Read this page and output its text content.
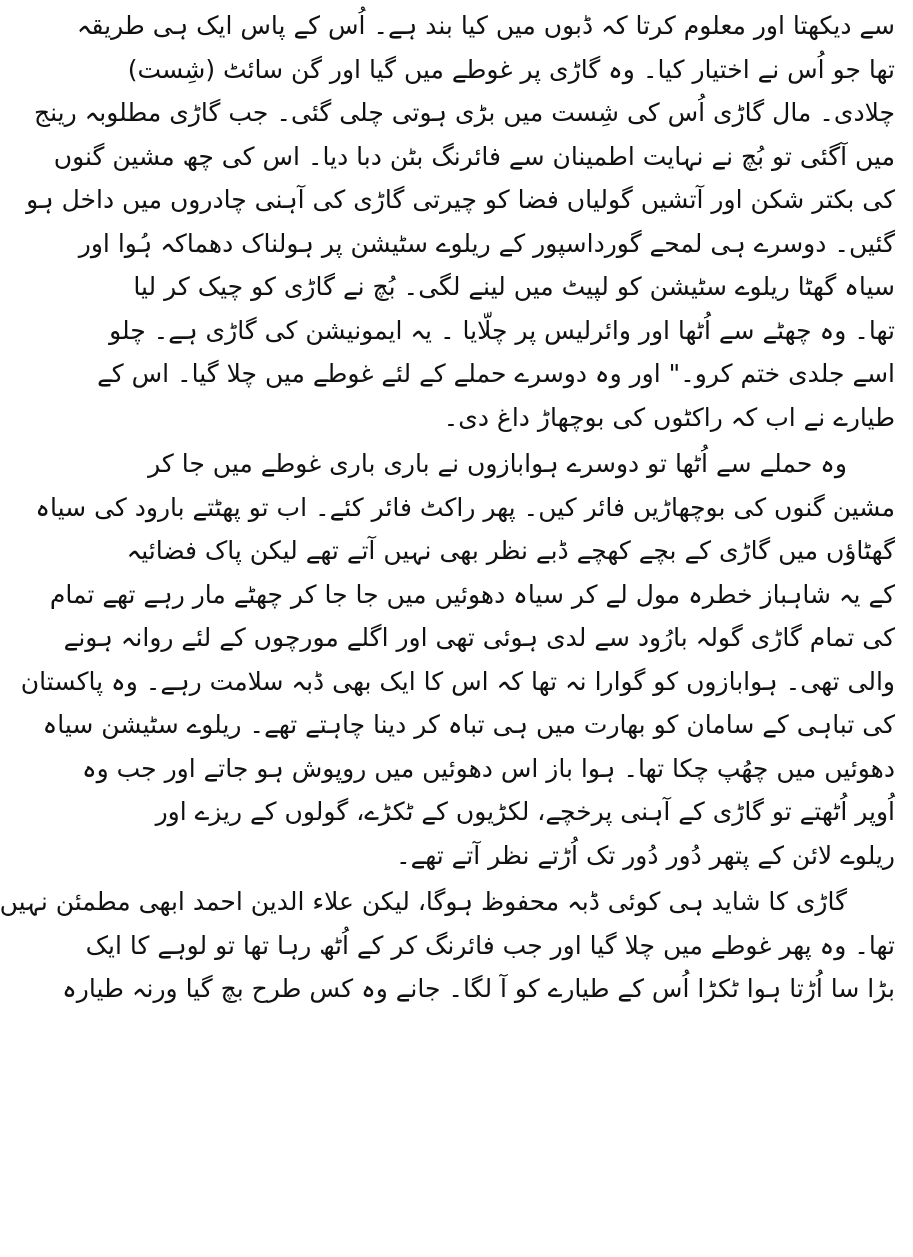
سے دیکھتا اور معلوم کرتا کہ ڈبوں میں کیا بند ہے۔ اُس کے پاس ایک ہی طریقہ
تھا جو اُس نے اختیار کیا۔ وہ گاڑی پر غوطے میں گیا اور گن سائٹ (شِست)
چلادی۔ مال گاڑی اُس کی شِست میں بڑی ہوتی چلی گئی۔ جب گاڑی مطلوبہ رینج
میں آگئی تو بُچ نے نہایت اطمینان سے فائرنگ بٹن دبا دیا۔ اس کی چھ مشین گنوں
کی بکتر شکن اور آتشیں گولیاں فضا کو چیرتی گاڑی کی آہنی چادروں میں داخل ہو
گئیں۔ دوسرے ہی لمحے گورداسپور کے ریلوے سٹیشن پر ہولناک دھماکہ ہُوا اور
سیاہ گھٹا ریلوے سٹیشن کو لپیٹ میں لینے لگی۔ بُچ نے گاڑی کو چیک کر لیا
تھا۔ وہ چھٹے سے اُٹھا اور وائرلیس پر چلّایا ۔ یہ ایمونیشن کی گاڑی ہے۔ چلو
اسے جلدی ختم کرو۔" اور وہ دوسرے حملے کے لئے غوطے میں چلا گیا۔ اس کے
طیارے نے اب کہ راکٹوں کی بوچھاڑ داغ دی۔
وہ حملے سے اُٹھا تو دوسرے ہوابازوں نے باری باری غوطے میں جا کر
مشین گنوں کی بوچھاڑیں فائر کیں۔ پھر راکٹ فائر کئے۔ اب تو پھٹتے بارود کی سیاہ
گھٹاؤں میں گاڑی کے بچے کھچے ڈبے نظر بھی نہیں آتے تھے لیکن پاک فضائیہ
کے یہ شاہباز خطرہ مول لے کر سیاہ دھوئیں میں جا جا کر چھٹے مار رہے تھے تمام
کی تمام گاڑی گولہ بارُود سے لدی ہوئی تھی اور اگلے مورچوں کے لئے روانہ ہونے
والی تھی۔ ہوابازوں کو گوارا نہ تھا کہ اس کا ایک بھی ڈبہ سلامت رہے۔ وہ پاکستان
کی تباہی کے سامان کو بھارت میں ہی تباہ کر دینا چاہتے تھے۔ ریلوے سٹیشن سیاہ
دھوئیں میں چھُپ چکا تھا۔ ہوا باز اس دھوئیں میں روپوش ہو جاتے اور جب وہ
اُوپر اُٹھتے تو گاڑی کے آہنی پرخچے، لکڑیوں کے ٹکڑے، گولوں کے ریزے اور
ریلوے لائن کے پتھر دُور دُور تک اُڑتے نظر آتے تھے۔
گاڑی کا شاید ہی کوئی ڈبہ محفوظ ہوگا، لیکن علاء الدین احمد ابھی مطمئن نہیں
تھا۔ وہ پھر غوطے میں چلا گیا اور جب فائرنگ کر کے اُٹھ رہا تھا تو لوہے کا ایک
بڑا سا اُڑتا ہوا ٹکڑا اُس کے طیارے کو آ لگا۔ جانے وہ کس طرح بچ گیا ورنہ طیارہ
